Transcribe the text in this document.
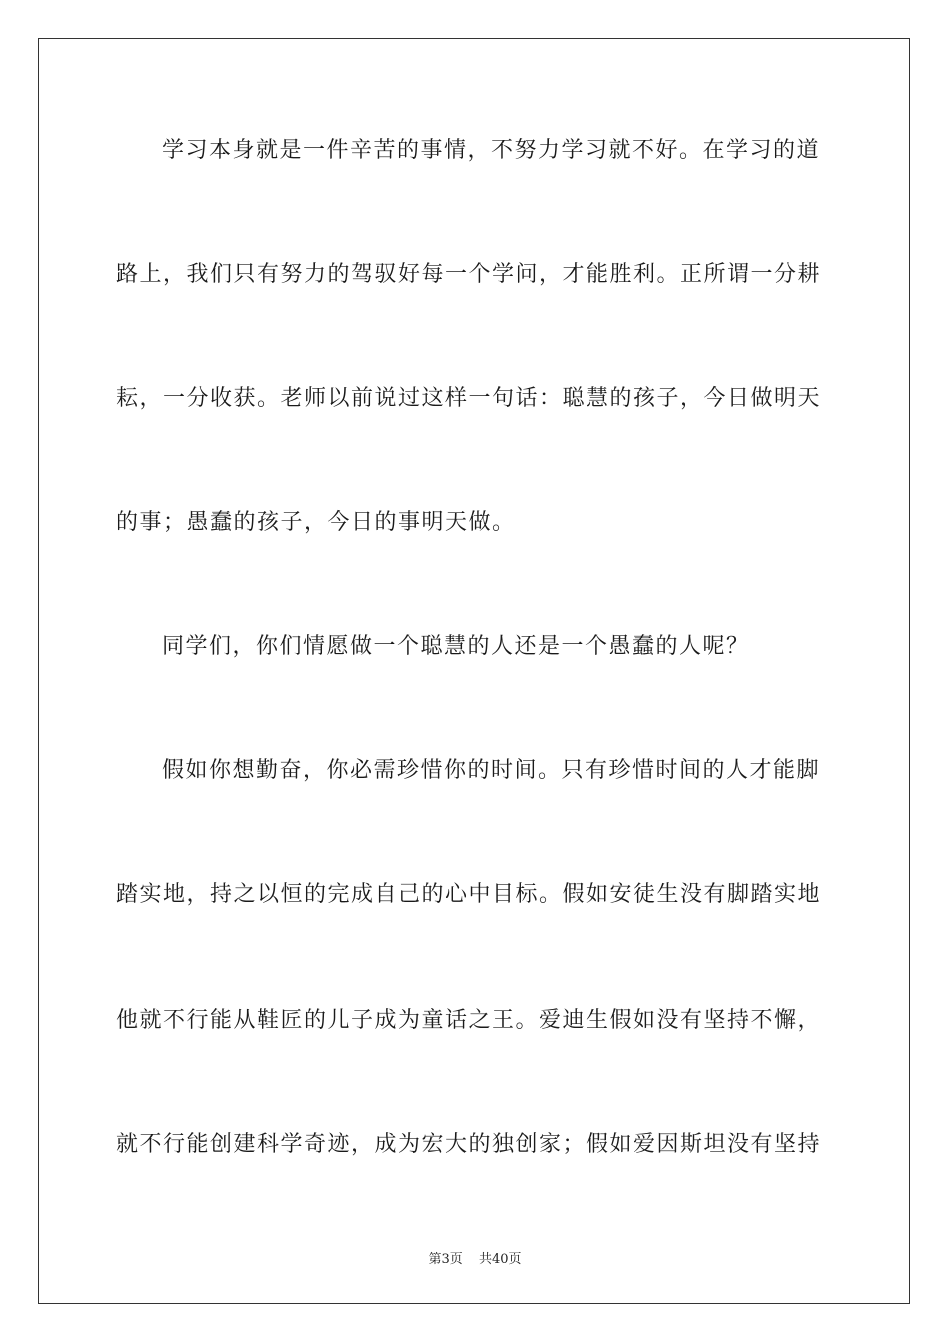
学习本身就是一件辛苦的事情，不努力学习就不好。在学习的道
路上，我们只有努力的驾驭好每一个学问，才能胜利。正所谓一分耕
耘，一分收获。老师以前说过这样一句话：聪慧的孩子，今日做明天
的事；愚蠢的孩子，今日的事明天做。
同学们，你们情愿做一个聪慧的人还是一个愚蠢的人呢？
假如你想勤奋，你必需珍惜你的时间。只有珍惜时间的人才能脚
踏实地，持之以恒的完成自己的心中目标。假如安徒生没有脚踏实地
他就不行能从鞋匠的儿子成为童话之王。爱迪生假如没有坚持不懈，
就不行能创建科学奇迹，成为宏大的独创家；假如爱因斯坦没有坚持
第3页 共40页
